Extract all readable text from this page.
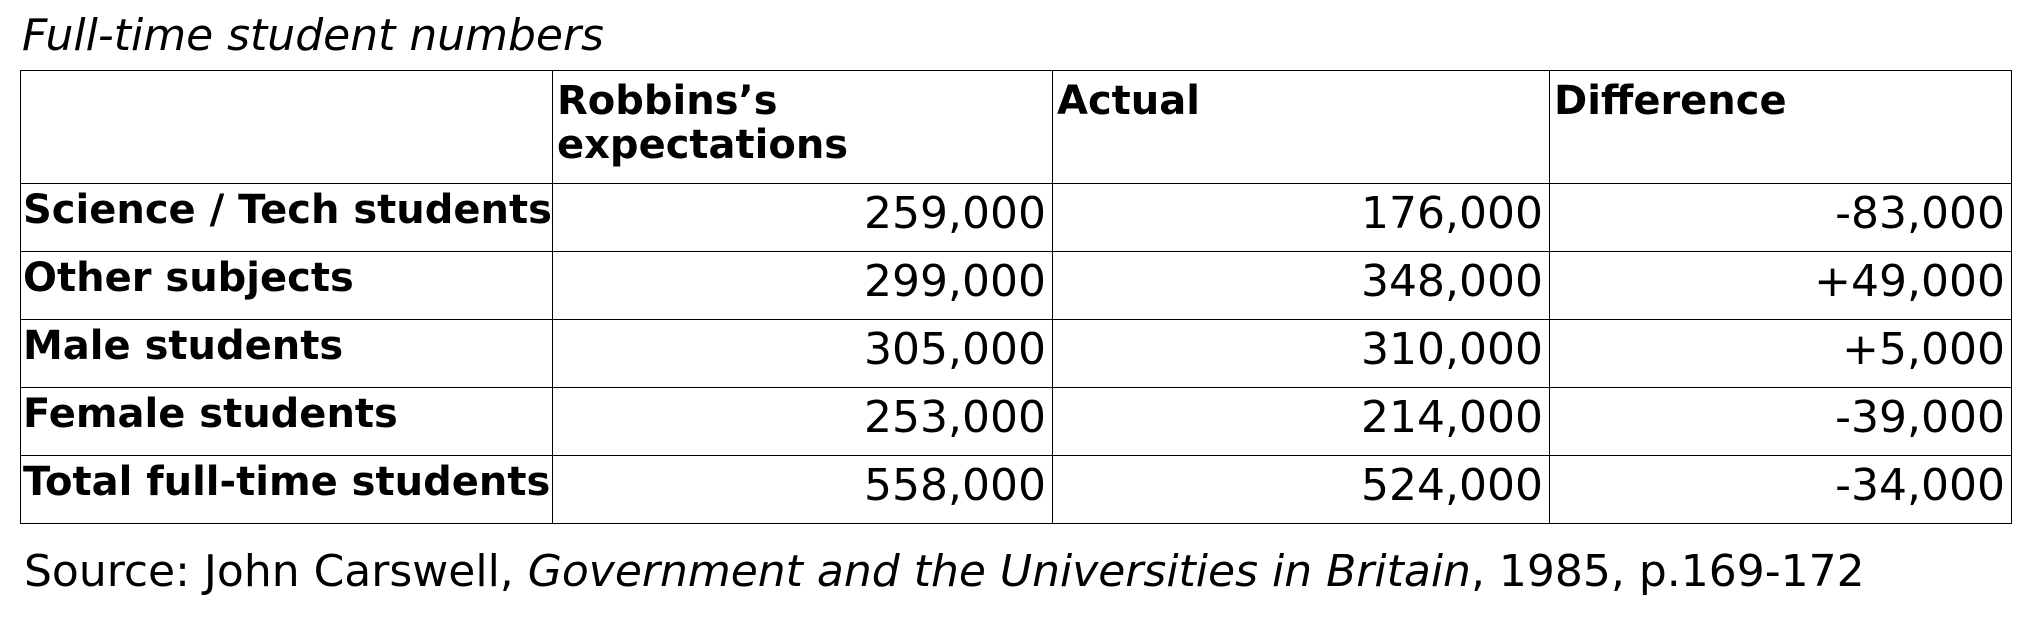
Full-time student numbers
	Robbins’s expectations	Actual	Difference
Science / Tech students	259,000	176,000	-83,000
Other subjects	299,000	348,000	+49,000
Male students	305,000	310,000	+5,000
Female students	253,000	214,000	-39,000
Total full-time students	558,000	524,000	-34,000
Source: John Carswell, Government and the Universities in Britain, 1985, p.169-172
